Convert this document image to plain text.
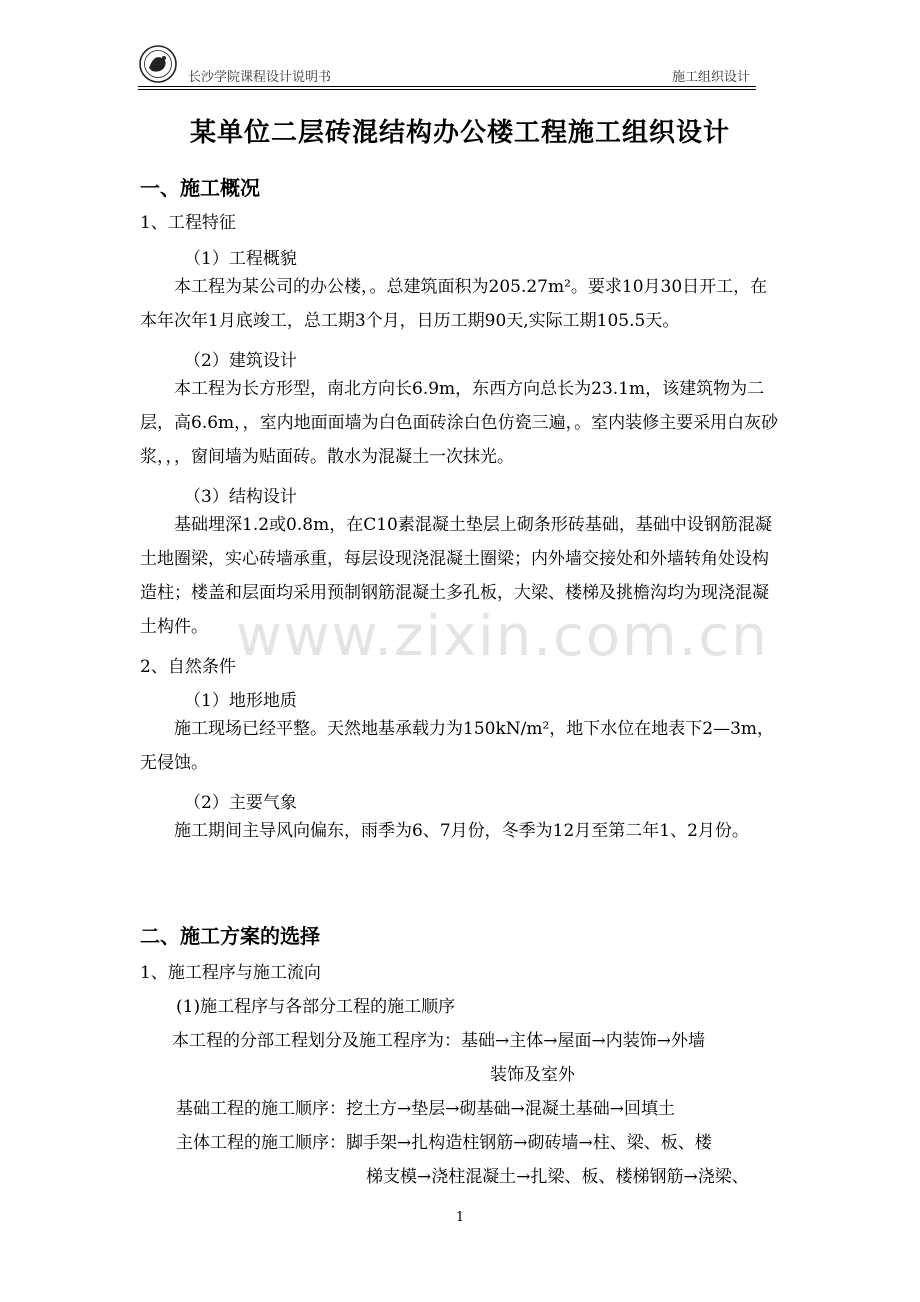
长沙学院课程设计说明书	施工组织设计
www.zixin.com.cn
某单位二层砖混结构办公楼工程施工组织设计
一、施工概况
1、工程特征
（1）工程概貌
本工程为某公司的办公楼，。总建筑面积为205.27m²。要求10月30日开工，在本年次年1月底竣工，总工期3个月，日历工期90天,实际工期105.5天。
（2）建筑设计
本工程为长方形型，南北方向长6.9m，东西方向总长为23.1m，该建筑物为二层，高6.6m，，室内地面面墙为白色面砖涂白色仿瓷三遍，。室内装修主要采用白灰砂浆，，，窗间墙为贴面砖。散水为混凝土一次抹光。
（3）结构设计
基础埋深1.2或0.8m，在C10素混凝土垫层上砌条形砖基础，基础中设钢筋混凝土地圈梁，实心砖墙承重，每层设现浇混凝土圈梁；内外墙交接处和外墙转角处设构造柱；楼盖和层面均采用预制钢筋混凝土多孔板，大梁、楼梯及挑檐沟均为现浇混凝土构件。
2、自然条件
（1）地形地质
施工现场已经平整。天然地基承载力为150kN/m²，地下水位在地表下2—3m，无侵蚀。
（2）主要气象
施工期间主导风向偏东，雨季为6、7月份，冬季为12月至第二年1、2月份。
二、施工方案的选择
1、施工程序与施工流向
(1)施工程序与各部分工程的施工顺序
本工程的分部工程划分及施工程序为：基础→主体→屋面→内装饰→外墙
装饰及室外
基础工程的施工顺序：挖土方→垫层→砌基础→混凝土基础→回填土
主体工程的施工顺序：脚手架→扎构造柱钢筋→砌砖墙→柱、梁、板、楼
梯支模→浇柱混凝土→扎梁、板、楼梯钢筋→浇梁、
1
